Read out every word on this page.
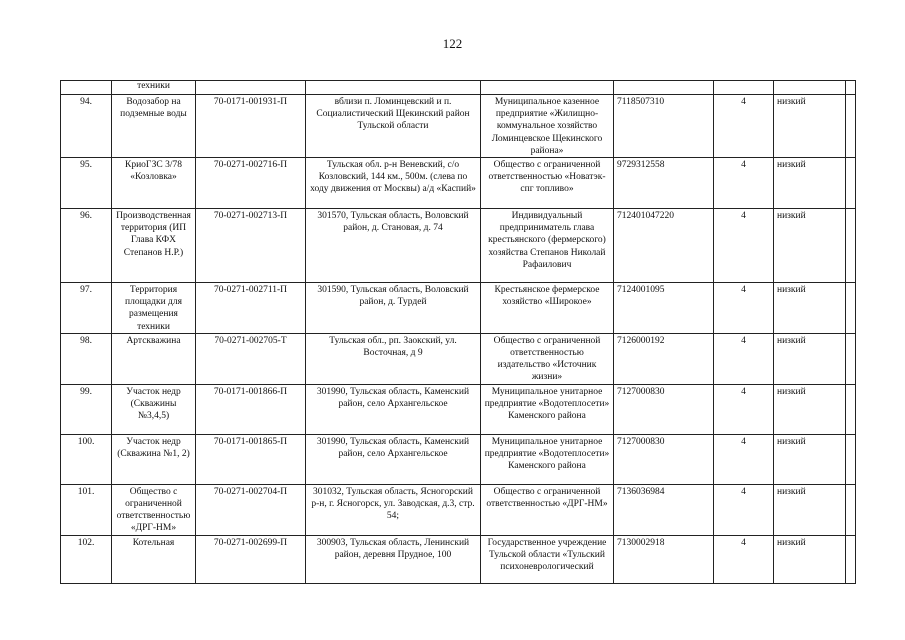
122
	техники							
94.	Водозабор на подземные воды	70-0171-001931-П	вблизи п. Ломинцевский и п. Социалистический Щекинский район Тульской области	Муниципальное казенное предприятие «Жилищно-коммунальное хозяйство Ломинцевское Щекинского района»	7118507310	4	низкий	
95.	КриоГЗС 3/78 «Козловка»	70-0271-002716-П	Тульская обл. р-н Веневский, с/о Козловский, 144 км., 500м. (слева по ходу движения от Москвы) а/д «Каспий»	Общество с ограниченной ответственностью «Новатэк-спг топливо»	9729312558	4	низкий	
96.	Производственная территория (ИП Глава КФХ Степанов Н.Р.)	70-0271-002713-П	301570, Тульская область, Воловский район, д. Становая, д. 74	Индивидуальный предприниматель глава крестьянского (фермерского) хозяйства Степанов Николай Рафаилович	712401047220	4	низкий	
97.	Территория площадки для размещения техники	70-0271-002711-П	301590, Тульская область, Воловский район, д. Турдей	Крестьянское фермерское хозяйство «Широкое»	7124001095	4	низкий	
98.	Артскважина	70-0271-002705-Т	Тульская обл., рп. Заокский, ул. Восточная, д 9	Общество с ограниченной ответственностью издательство «Источник жизни»	7126000192	4	низкий	
99.	Участок недр (Скважины №3,4,5)	70-0171-001866-П	301990, Тульская область, Каменский район, село Архангельское	Муниципальное унитарное предприятие «Водотеплосети» Каменского района	7127000830	4	низкий	
100.	Участок недр (Скважина №1, 2)	70-0171-001865-П	301990, Тульская область, Каменский район, село Архангельское	Муниципальное унитарное предприятие «Водотеплосети» Каменского района	7127000830	4	низкий	
101.	Общество с ограниченной ответственностью «ДРГ-НМ»	70-0271-002704-П	301032, Тульская область, Ясногорский р-н, г. Ясногорск, ул. Заводская, д.3, стр. 54;	Общество с ограниченной ответственностью «ДРГ-НМ»	7136036984	4	низкий	
102.	Котельная	70-0271-002699-П	300903, Тульская область, Ленинский район, деревня Прудное, 100	Государственное учреждение Тульской области «Тульский психоневрологический	7130002918	4	низкий	
